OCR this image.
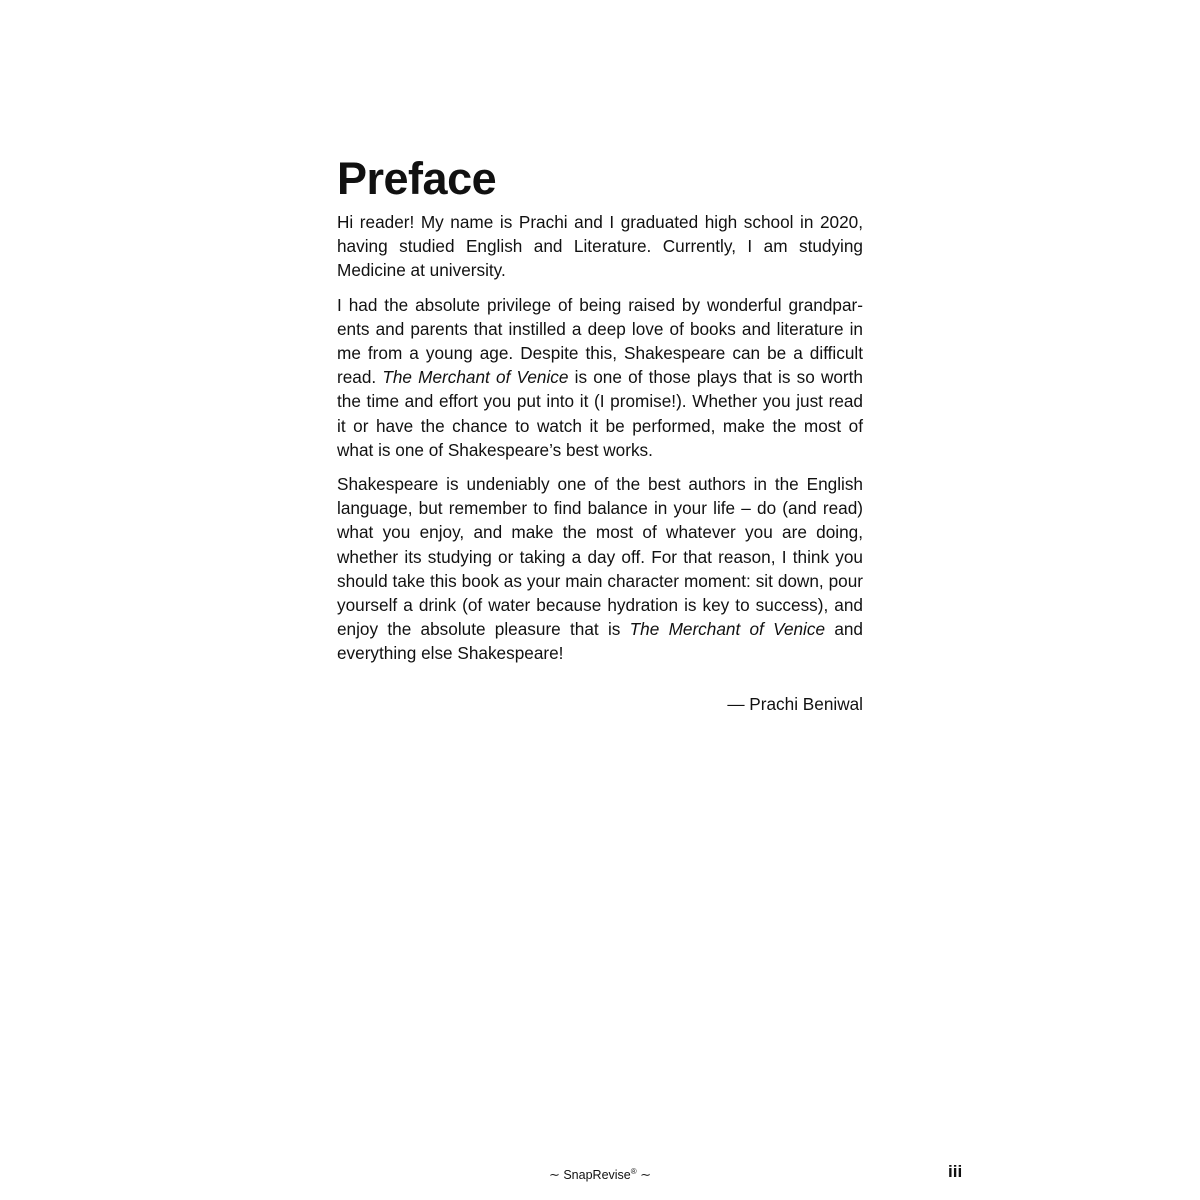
Preface

Hi reader! My name is Prachi and I graduated high school in 2020, having studied English and Literature. Currently, I am studying Medicine at university.

I had the absolute privilege of being raised by wonderful grandparents and parents that instilled a deep love of books and literature in me from a young age. Despite this, Shakespeare can be a difficult read. The Merchant of Venice is one of those plays that is so worth the time and effort you put into it (I promise!). Whether you just read it or have the chance to watch it be performed, make the most of what is one of Shakespeare’s best works.

Shakespeare is undeniably one of the best authors in the English language, but remember to find balance in your life – do (and read) what you enjoy, and make the most of whatever you are doing, whether its studying or taking a day off. For that reason, I think you should take this book as your main character moment: sit down, pour yourself a drink (of water because hydration is key to success), and enjoy the absolute pleasure that is The Merchant of Venice and everything else Shakespeare!

— Prachi Beniwal
∼ SnapRevise® ∼	iii
